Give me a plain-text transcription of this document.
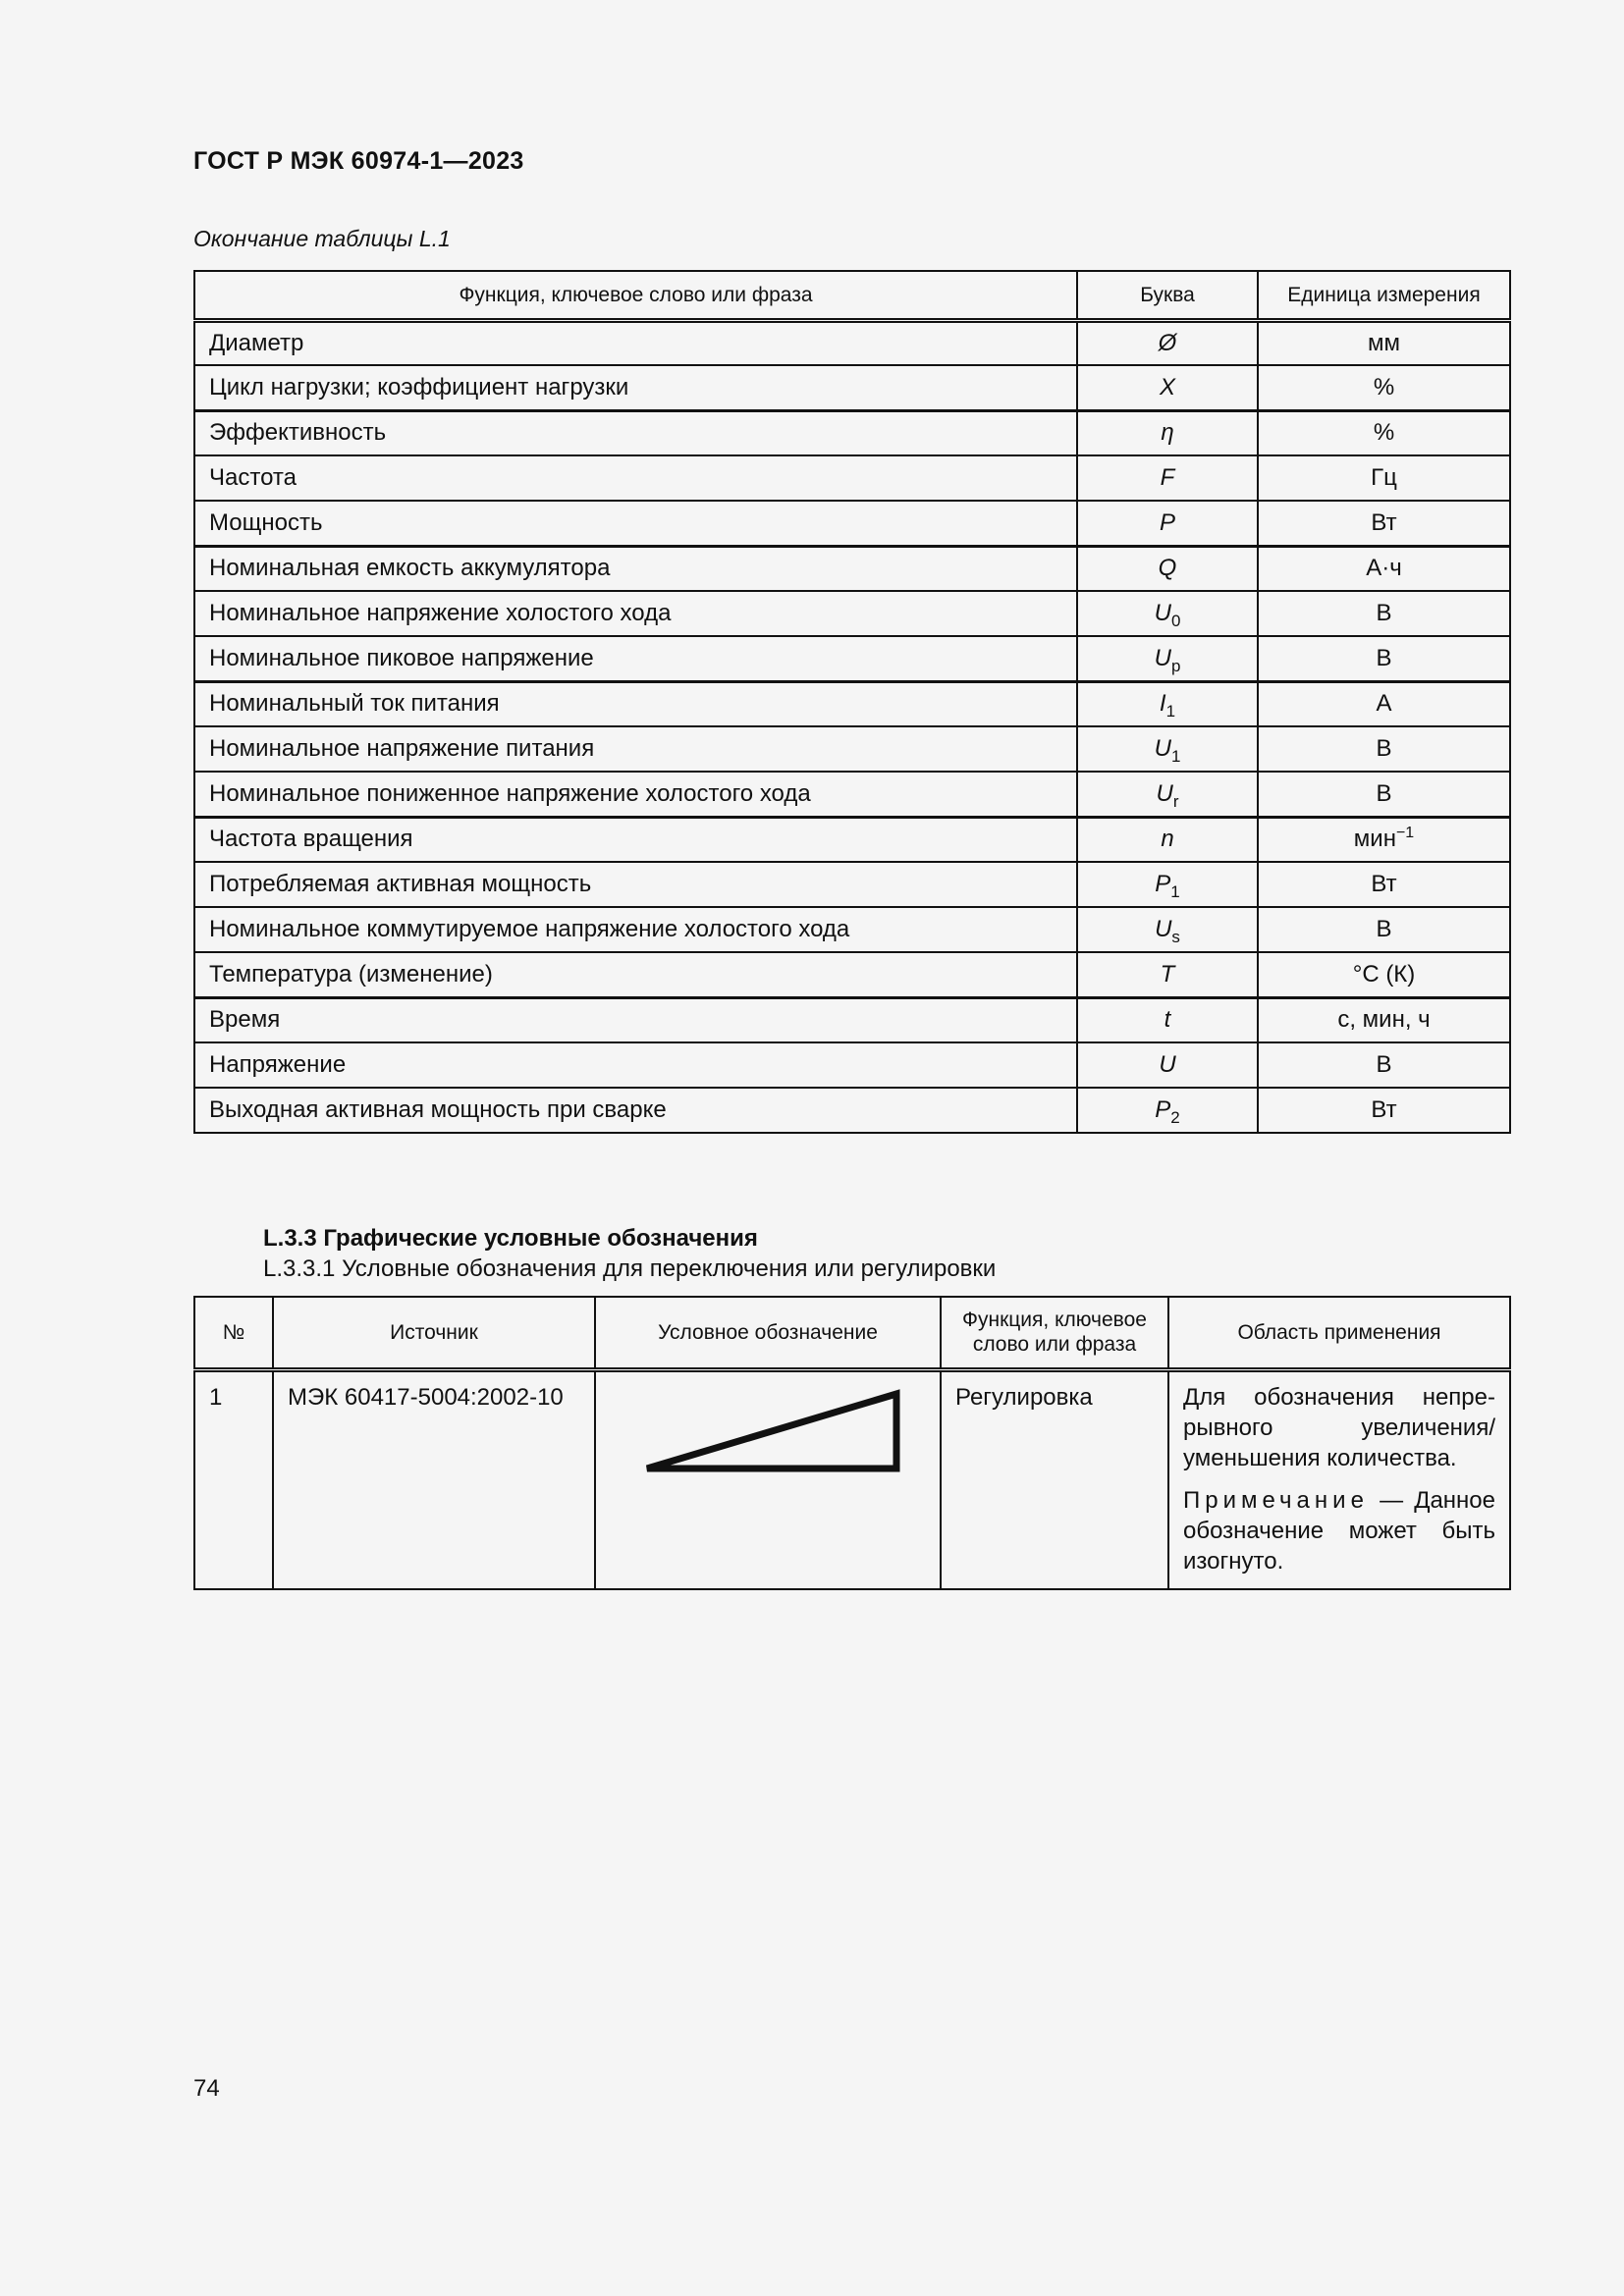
ГОСТ Р МЭК 60974-1—2023
Окончание таблицы L.1
Функция, ключевое слово или фраза	Буква	Единица измерения
Диаметр	Ø	мм
Цикл нагрузки; коэффициент нагрузки	X	%
Эффективность	η	%
Частота	F	Гц
Мощность	P	Вт
Номинальная емкость аккумулятора	Q	А·ч
Номинальное напряжение холостого хода	$U_0$	В
Номинальное пиковое напряжение	$U_p$	В
Номинальный ток питания	$I_1$	А
Номинальное напряжение питания	$U_1$	В
Номинальное пониженное напряжение холостого хода	$U_r$	В
Частота вращения	n	мин$^{-1}$
Потребляемая активная мощность	$P_1$	Вт
Номинальное коммутируемое напряжение холостого хода	$U_s$	В
Температура (изменение)	T	°С (К)
Время	t	с, мин, ч
Напряжение	U	В
Выходная активная мощность при сварке	$P_2$	Вт
L.3.3 Графические условные обозначения
L.3.3.1 Условные обозначения для переключения или регулировки
№	Источник	Условное обозначение	Функция, ключевое слово или фраза	Область применения
1	МЭК 60417-5004:2002-10		Регулировка	Для обозначения непрерывного увеличения/ уменьшения количества.
Примечание — Данное обозначение может быть изогнуто.
74
